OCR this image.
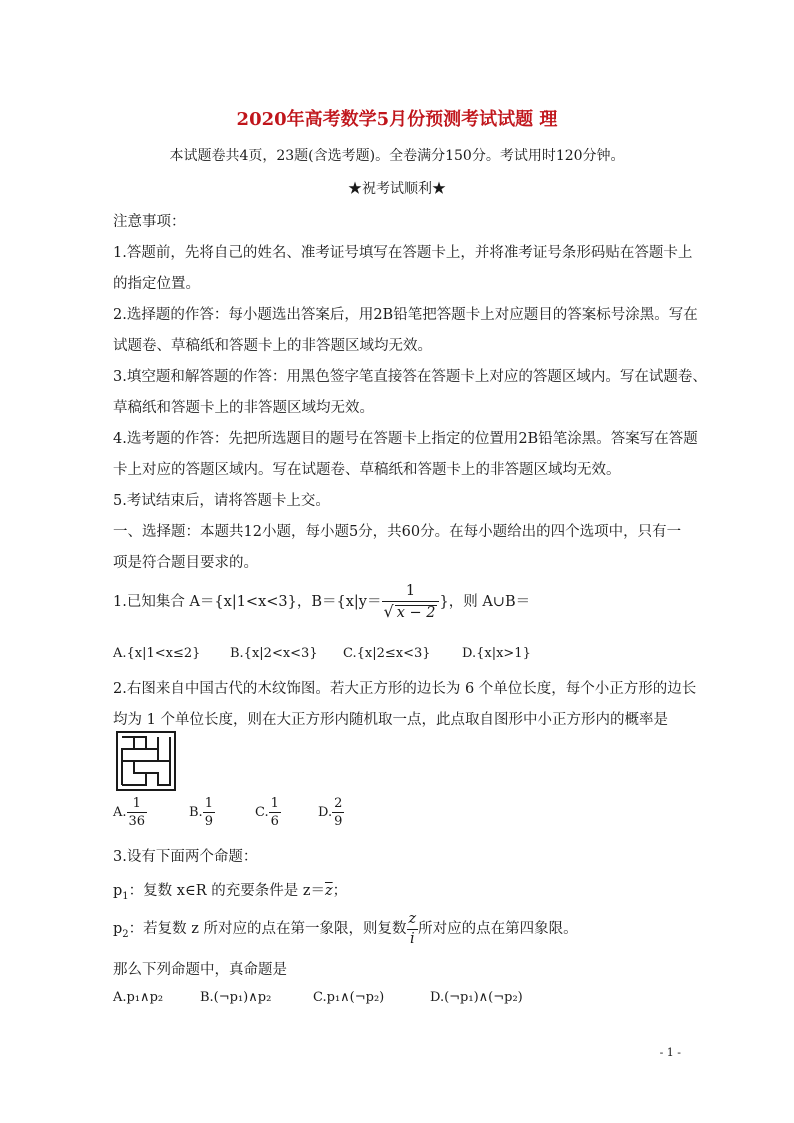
2020年高考数学5月份预测考试试题 理
本试题卷共4页，23题(含选考题)。全卷满分150分。考试用时120分钟。
★祝考试顺利★
注意事项：
1.答题前，先将自己的姓名、准考证号填写在答题卡上，并将准考证号条形码贴在答题卡上
的指定位置。
2.选择题的作答：每小题选出答案后，用2B铅笔把答题卡上对应题目的答案标号涂黑。写在
试题卷、草稿纸和答题卡上的非答题区域均无效。
3.填空题和解答题的作答：用黑色签字笔直接答在答题卡上对应的答题区域内。写在试题卷、
草稿纸和答题卡上的非答题区域均无效。
4.选考题的作答：先把所选题目的题号在答题卡上指定的位置用2B铅笔涂黑。答案写在答题
卡上对应的答题区域内。写在试题卷、草稿纸和答题卡上的非答题区域均无效。
5.考试结束后，请将答题卡上交。
一、选择题：本题共12小题，每小题5分，共60分。在每小题给出的四个选项中，只有一
项是符合题目要求的。
1.已知集合 A＝{x|1<x<3}，$B=\{x|y= \frac{1}{√ x - 2}$ }，则 A∪B＝
A.{x|1<x≤2} B.{x|2<x<3} C.{x|2≤x<3} D.{x|x>1}
2.右图来自中国古代的木纹饰图。若大正方形的边长为 6 个单位长度，每个小正方形的边长
均为 1 个单位长度，则在大正方形内随机取一点，此点取自图形中小正方形内的概率是
A. $\frac{1}{36}$	B. $\frac{1}{9}$	C. $\frac{1}{6}$	D. $\frac{2}{9}$
3.设有下面两个命题：
$p_1$：复数 x∈R 的充要条件是 $z=\overline{z}$；
$p_2$：若复数 z 所对应的点在第一象限，则复数 $\frac{z}{i}$ 所对应的点在第四象限。
那么下列命题中，真命题是
A.p₁∧p₂	B.(¬p₁)∧p₂	C.p₁∧(¬p₂)	D.(¬p₁)∧(¬p₂)
- 1 -
